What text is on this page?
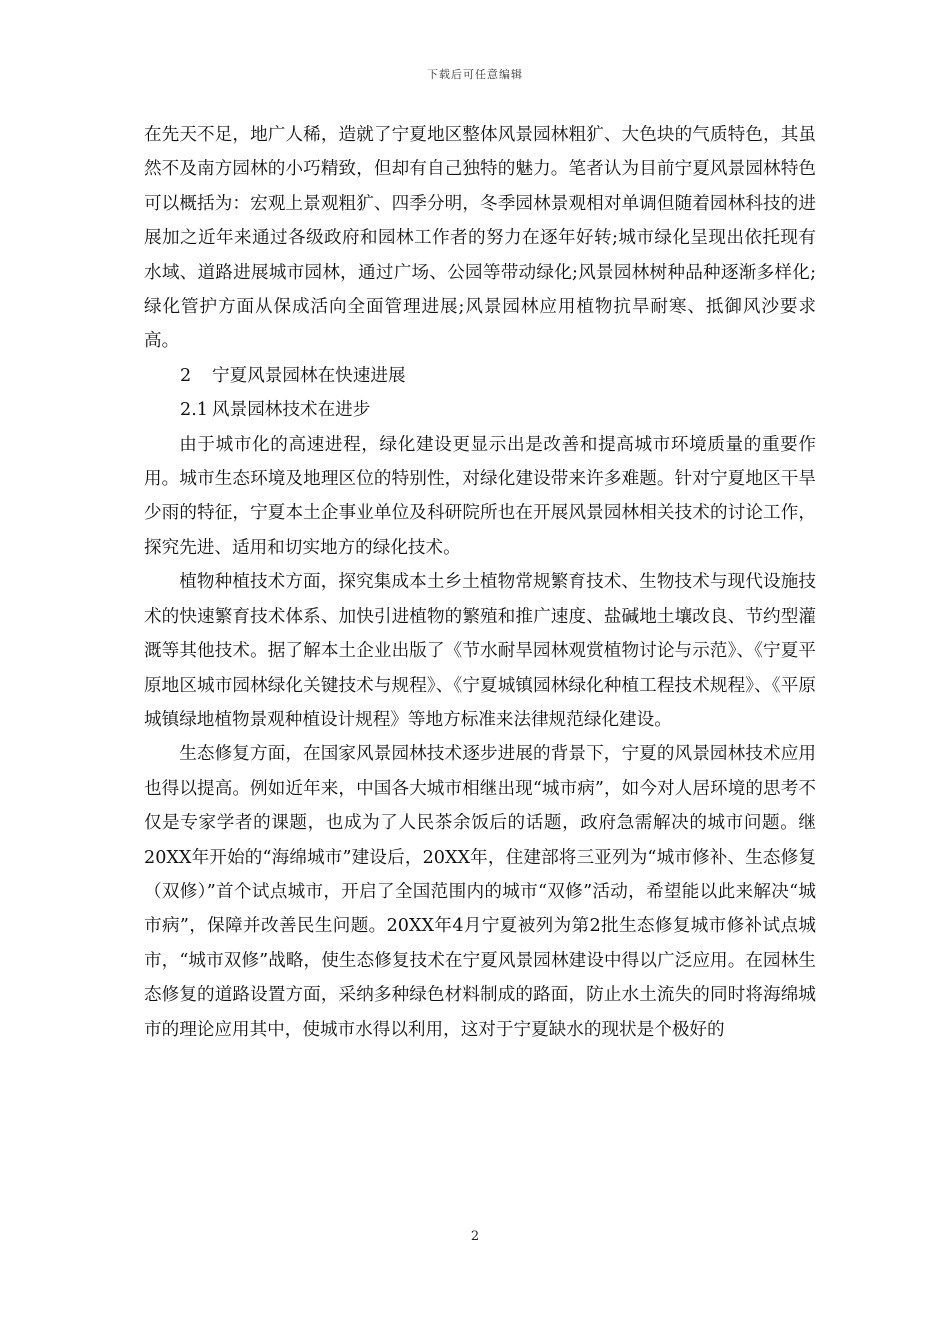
下载后可任意编辑

在先天不足，地广人稀，造就了宁夏地区整体风景园林粗犷、大色块的气质特色，其虽然不及南方园林的小巧精致，但却有自己独特的魅力。笔者认为目前宁夏风景园林特色可以概括为：宏观上景观粗犷、四季分明，冬季园林景观相对单调但随着园林科技的进展加之近年来通过各级政府和园林工作者的努力在逐年好转;城市绿化呈现出依托现有水域、道路进展城市园林，通过广场、公园等带动绿化;风景园林树种品种逐渐多样化;绿化管护方面从保成活向全面管理进展;风景园林应用植物抗旱耐寒、抵御风沙要求高。

2 宁夏风景园林在快速进展

2.1 风景园林技术在进步

由于城市化的高速进程，绿化建设更显示出是改善和提高城市环境质量的重要作用。城市生态环境及地理区位的特别性，对绿化建设带来许多难题。针对宁夏地区干旱少雨的特征，宁夏本土企事业单位及科研院所也在开展风景园林相关技术的讨论工作，探究先进、适用和切实地方的绿化技术。

植物种植技术方面，探究集成本土乡土植物常规繁育技术、生物技术与现代设施技术的快速繁育技术体系、加快引进植物的繁殖和推广速度、盐碱地土壤改良、节约型灌溉等其他技术。据了解本土企业出版了《节水耐旱园林观赏植物讨论与示范》、《宁夏平原地区城市园林绿化关键技术与规程》、《宁夏城镇园林绿化种植工程技术规程》、《平原城镇绿地植物景观种植设计规程》等地方标准来法律规范绿化建设。

生态修复方面，在国家风景园林技术逐步进展的背景下，宁夏的风景园林技术应用也得以提高。例如近年来，中国各大城市相继出现“城市病”，如今对人居环境的思考不仅是专家学者的课题，也成为了人民茶余饭后的话题，政府急需解决的城市问题。继20XX年开始的“海绵城市”建设后，20XX年，住建部将三亚列为“城市修补、生态修复（双修）”首个试点城市，开启了全国范围内的城市“双修”活动，希望能以此来解决“城市病”，保障并改善民生问题。20XX年4月宁夏被列为第2批生态修复城市修补试点城市，“城市双修”战略，使生态修复技术在宁夏风景园林建设中得以广泛应用。在园林生态修复的道路设置方面，采纳多种绿色材料制成的路面，防止水土流失的同时将海绵城市的理论应用其中，使城市水得以利用，这对于宁夏缺水的现状是个极好的

2
